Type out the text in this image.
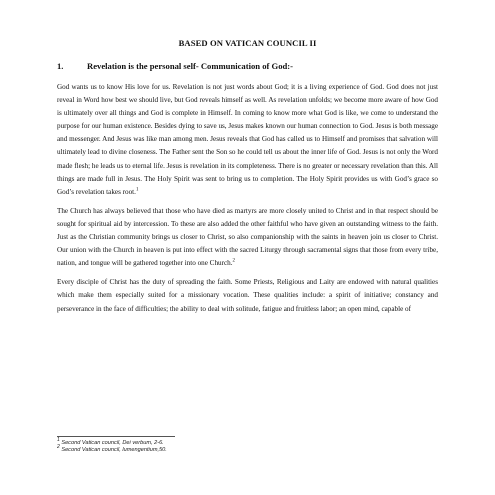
BASED ON VATICAN COUNCIL II
1.	Revelation is the personal self- Communication of God:-

God wants us to know His love for us. Revelation is not just words about God; it is a living experience of God. God does not just reveal in Word how best we should live, but God reveals himself as well. As revelation unfolds; we become more aware of how God is ultimately over all things and God is complete in Himself. In coming to know more what God is like, we come to understand the purpose for our human existence. Besides dying to save us, Jesus makes known our human connection to God. Jesus is both message and messenger. And Jesus was like man among men. Jesus reveals that God has called us to Himself and promises that salvation will ultimately lead to divine closeness. The Father sent the Son so he could tell us about the inner life of God. Jesus is not only the Word made flesh; he leads us to eternal life. Jesus is revelation in its completeness. There is no greater or necessary revelation than this. All things are made full in Jesus. The Holy Spirit was sent to bring us to completion. The Holy Spirit provides us with God’s grace so God’s revelation takes root.$^1$

The Church has always believed that those who have died as martyrs are more closely united to Christ and in that respect should be sought for spiritual aid by intercession. To these are also added the other faithful who have given an outstanding witness to the faith. Just as the Christian community brings us closer to Christ, so also companionship with the saints in heaven join us closer to Christ. Our union with the Church in heaven is put into effect with the sacred Liturgy through sacramental signs that those from every tribe, nation, and tongue will be gathered together into one Church.$^2$

Every disciple of Christ has the duty of spreading the faith. Some Priests, Religious and Laity are endowed with natural qualities which make them especially suited for a missionary vocation. These qualities include: a spirit of initiative; constancy and perseverance in the face of difficulties; the ability to deal with solitude, fatigue and fruitless labor; an open mind, capable of

$^1$ Second Vatican council, Dei verbum, 2-6.
$^2$ Second Vatican council, lumengentium,50.
